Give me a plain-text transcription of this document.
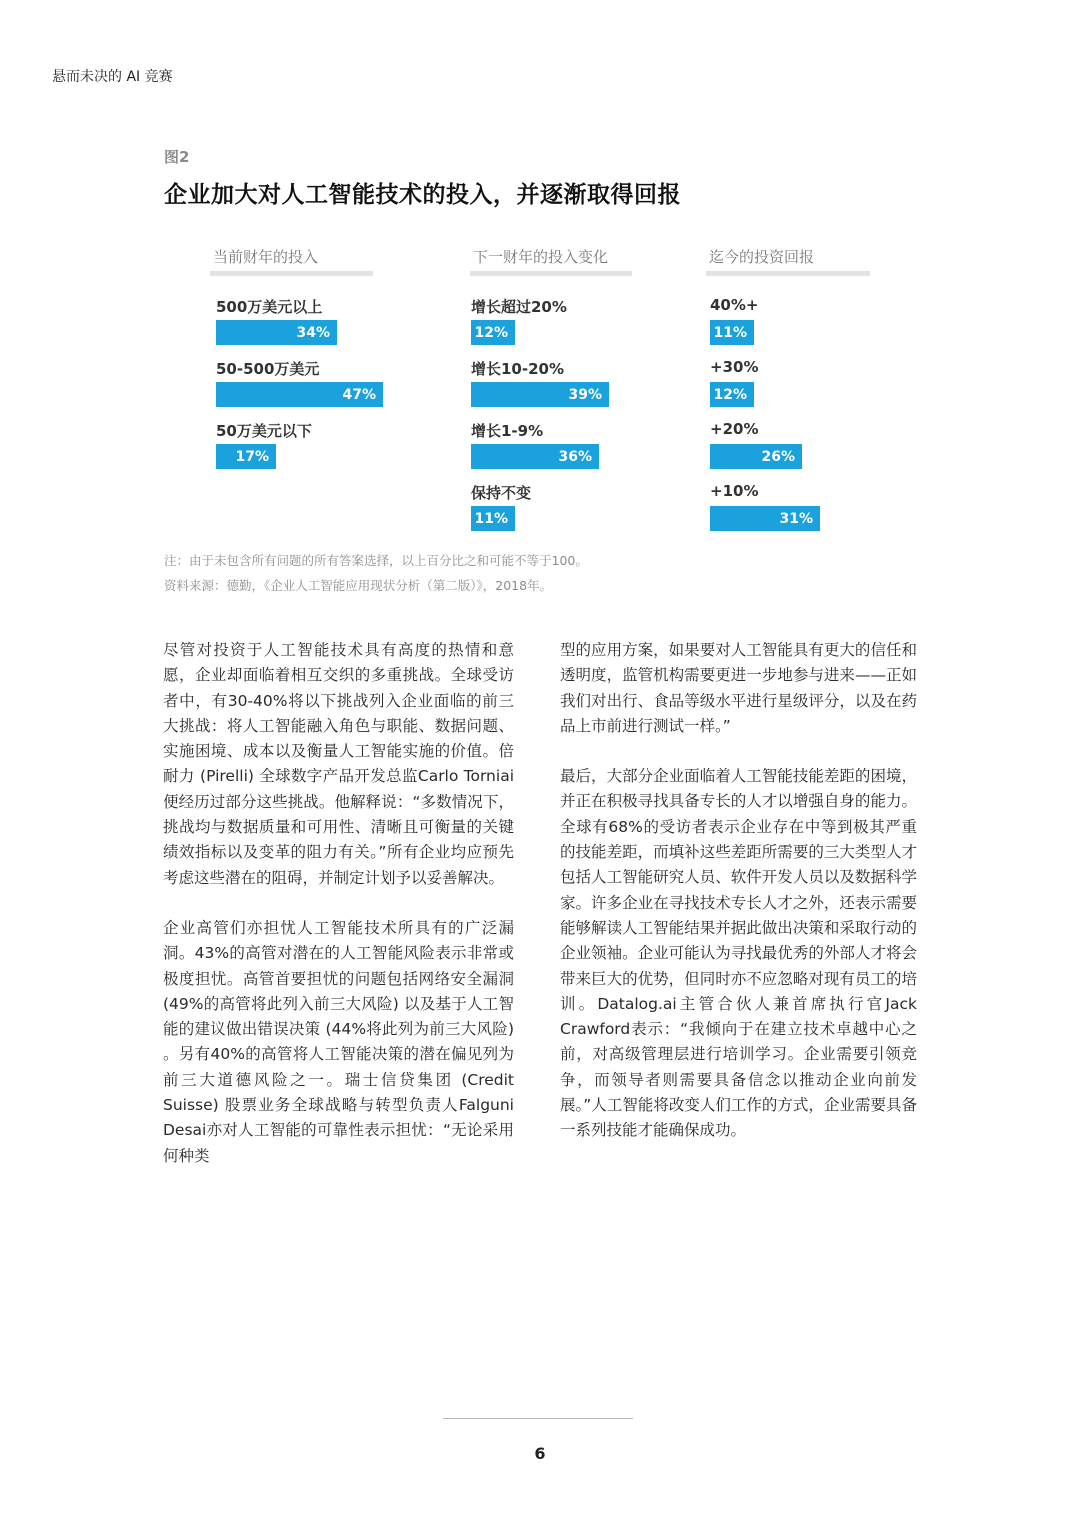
悬而未决的 AI 竞赛
图2
企业加大对人工智能技术的投入，并逐渐取得回报
当前财年的投入	下一财年的投入变化	迄今的投资回报
500万美元以上
34%
50-500万美元
47%
50万美元以下
17%
增长超过20%
12%
增长10-20%
39%
增长1-9%
36%
保持不变
11%
40%+
11%
+30%
12%
+20%
26%
+10%
31%
注：由于未包含所有问题的所有答案选择，以上百分比之和可能不等于100。
资料来源：德勤，《企业人工智能应用现状分析（第二版）》，2018年。

尽管对投资于人工智能技术具有高度的热情和意愿，企业却面临着相互交织的多重挑战。全球受访者中，有30-40%将以下挑战列入企业面临的前三大挑战：将人工智能融入角色与职能、数据问题、实施困境、成本以及衡量人工智能实施的价值。倍耐力 (Pirelli) 全球数字产品开发总监Carlo Torniai便经历过部分这些挑战。他解释说：“多数情况下，挑战均与数据质量和可用性、清晰且可衡量的关键绩效指标以及变革的阻力有关。”所有企业均应预先考虑这些潜在的阻碍，并制定计划予以妥善解决。

企业高管们亦担忧人工智能技术所具有的广泛漏洞。43%的高管对潜在的人工智能风险表示非常或极度担忧。高管首要担忧的问题包括网络安全漏洞 (49%的高管将此列入前三大风险) 以及基于人工智能的建议做出错误决策 (44%将此列为前三大风险) 。另有40%的高管将人工智能决策的潜在偏见列为前三大道德风险之一。瑞士信贷集团 (Credit Suisse) 股票业务全球战略与转型负责人Falguni Desai亦对人工智能的可靠性表示担忧：“无论采用何种类

型的应用方案，如果要对人工智能具有更大的信任和透明度，监管机构需要更进一步地参与进来——正如我们对出行、食品等级水平进行星级评分，以及在药品上市前进行测试一样。”

最后，大部分企业面临着人工智能技能差距的困境，并正在积极寻找具备专长的人才以增强自身的能力。全球有68%的受访者表示企业存在中等到极其严重的技能差距，而填补这些差距所需要的三大类型人才包括人工智能研究人员、软件开发人员以及数据科学家。许多企业在寻找技术专长人才之外，还表示需要能够解读人工智能结果并据此做出决策和采取行动的企业领袖。企业可能认为寻找最优秀的外部人才将会带来巨大的优势，但同时亦不应忽略对现有员工的培训。Datalog.ai主管合伙人兼首席执行官Jack Crawford表示：“我倾向于在建立技术卓越中心之前，对高级管理层进行培训学习。企业需要引领竞争，而领导者则需要具备信念以推动企业向前发展。”人工智能将改变人们工作的方式，企业需要具备一系列技能才能确保成功。

6
